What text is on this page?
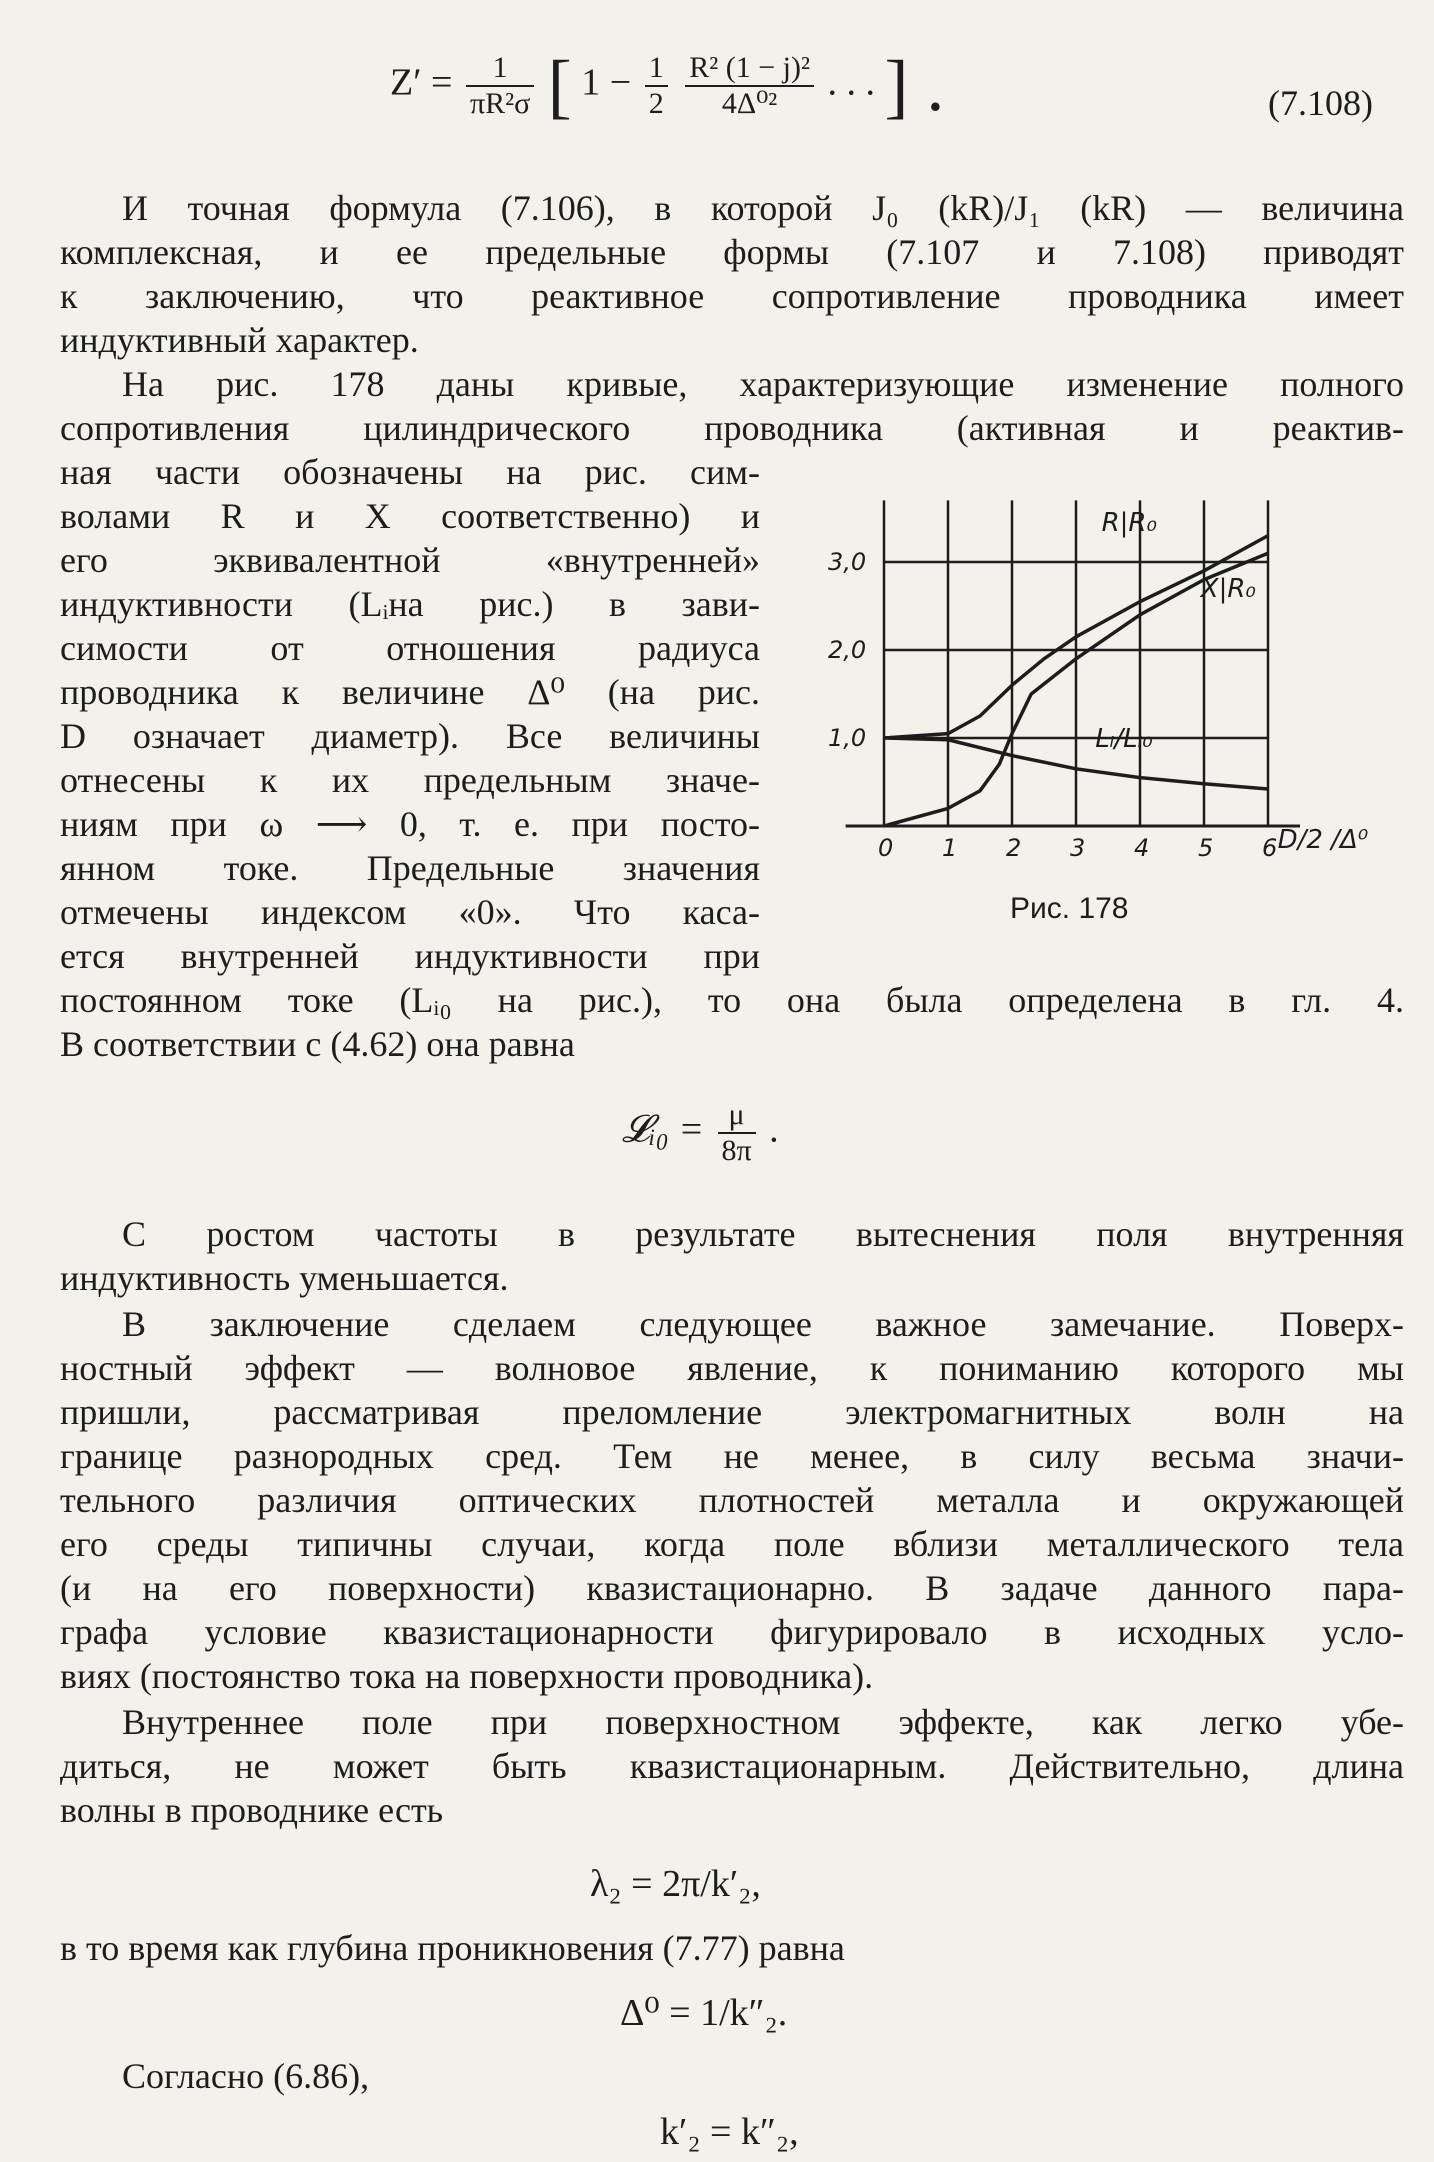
$Z' = \frac{1}{\text{πR²σ}}$ [ $1 - \frac{1}{2}$
$\frac{\text{R² (1 − j)²}}{\text{4Δ⁰²}}$ . . . ] .	(7.108)
И точная формула (7.106), в которой J₀ (kR)/J₁ (kR) — величина
комплексная, и ее предельные формы (7.107 и 7.108) приводят
к заключению, что реактивное сопротивление проводника имеет
индуктивный характер.
На рис. 178 даны кривые, характеризующие изменение полного
сопротивления цилиндрического проводника (активная и реактив-
ная части обозначены на рис. сим-
волами R и X соответственно) и
его эквивалентной «внутренней»
индуктивности (Lᵢна рис.) в зави-
симости от отношения радиуса
проводника к величине Δ⁰ (на рис.
D означает диаметр). Все величины
отнесены к их предельным значе-
ниям при ω ⟶ 0, т. е. при посто-
янном токе. Предельные значения
отмечены индексом «0». Что каса-
ется внутренней индуктивности при
постоянном токе (Lᵢ₀ на рис.), то она была определена в гл. 4.
В соответствии с (4.62) она равна
0 1 2 3 4 5 6
1,0
2,0
3,0
D/2 /Δ⁰
R|R₀
X|R₀
Lᵢ/Lᵢ₀
Рис. 178
𝓛ᵢ₀ = $\frac{\mu}{8\pi}$ .
С ростом частоты в результате вытеснения поля внутренняя
индуктивность уменьшается.
В заключение сделаем следующее важное замечание. Поверх-
ностный эффект — волновое явление, к пониманию которого мы
пришли, рассматривая преломление электромагнитных волн на
границе разнородных сред. Тем не менее, в силу весьма значи-
тельного различия оптических плотностей металла и окружающей
его среды типичны случаи, когда поле вблизи металлического тела
(и на его поверхности) квазистационарно. В задаче данного пара-
графа условие квазистационарности фигурировало в исходных усло-
виях (постоянство тока на поверхности проводника).
Внутреннее поле при поверхностном эффекте, как легко убе-
диться, не может быть квазистационарным. Действительно, длина
волны в проводнике есть
λ₂ = 2π/k′₂,
в то время как глубина проникновения (7.77) равна
Δ⁰ = 1/k″₂.
Согласно (6.86),
k′₂ = k″₂,
